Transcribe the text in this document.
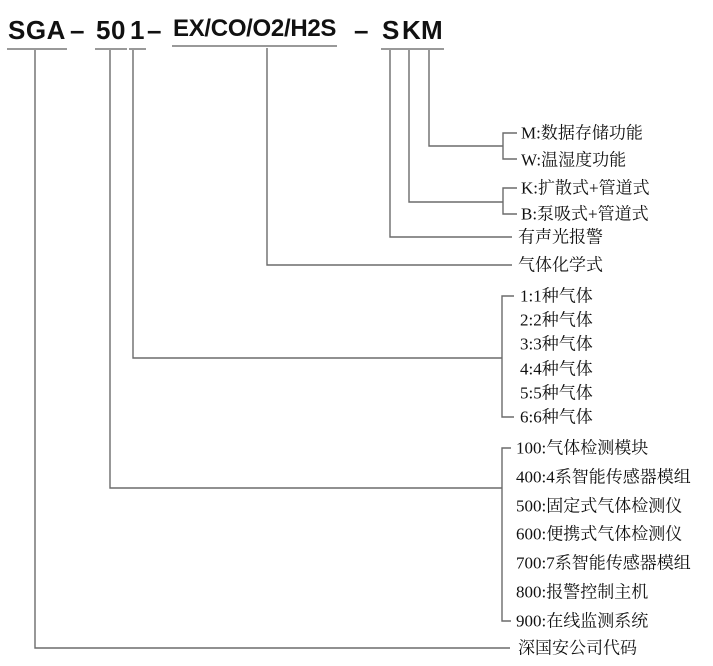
SGA – 50 1 – EX/CO/O2/H2S – S K M
M:数据存储功能
W:温湿度功能
K:扩散式+管道式
B:泵吸式+管道式
有声光报警
气体化学式
1:1种气体
2:2种气体
3:3种气体
4:4种气体
5:5种气体
6:6种气体
100:气体检测模块
400:4系智能传感器模组
500:固定式气体检测仪
600:便携式气体检测仪
700:7系智能传感器模组
800:报警控制主机
900:在线监测系统
深国安公司代码
